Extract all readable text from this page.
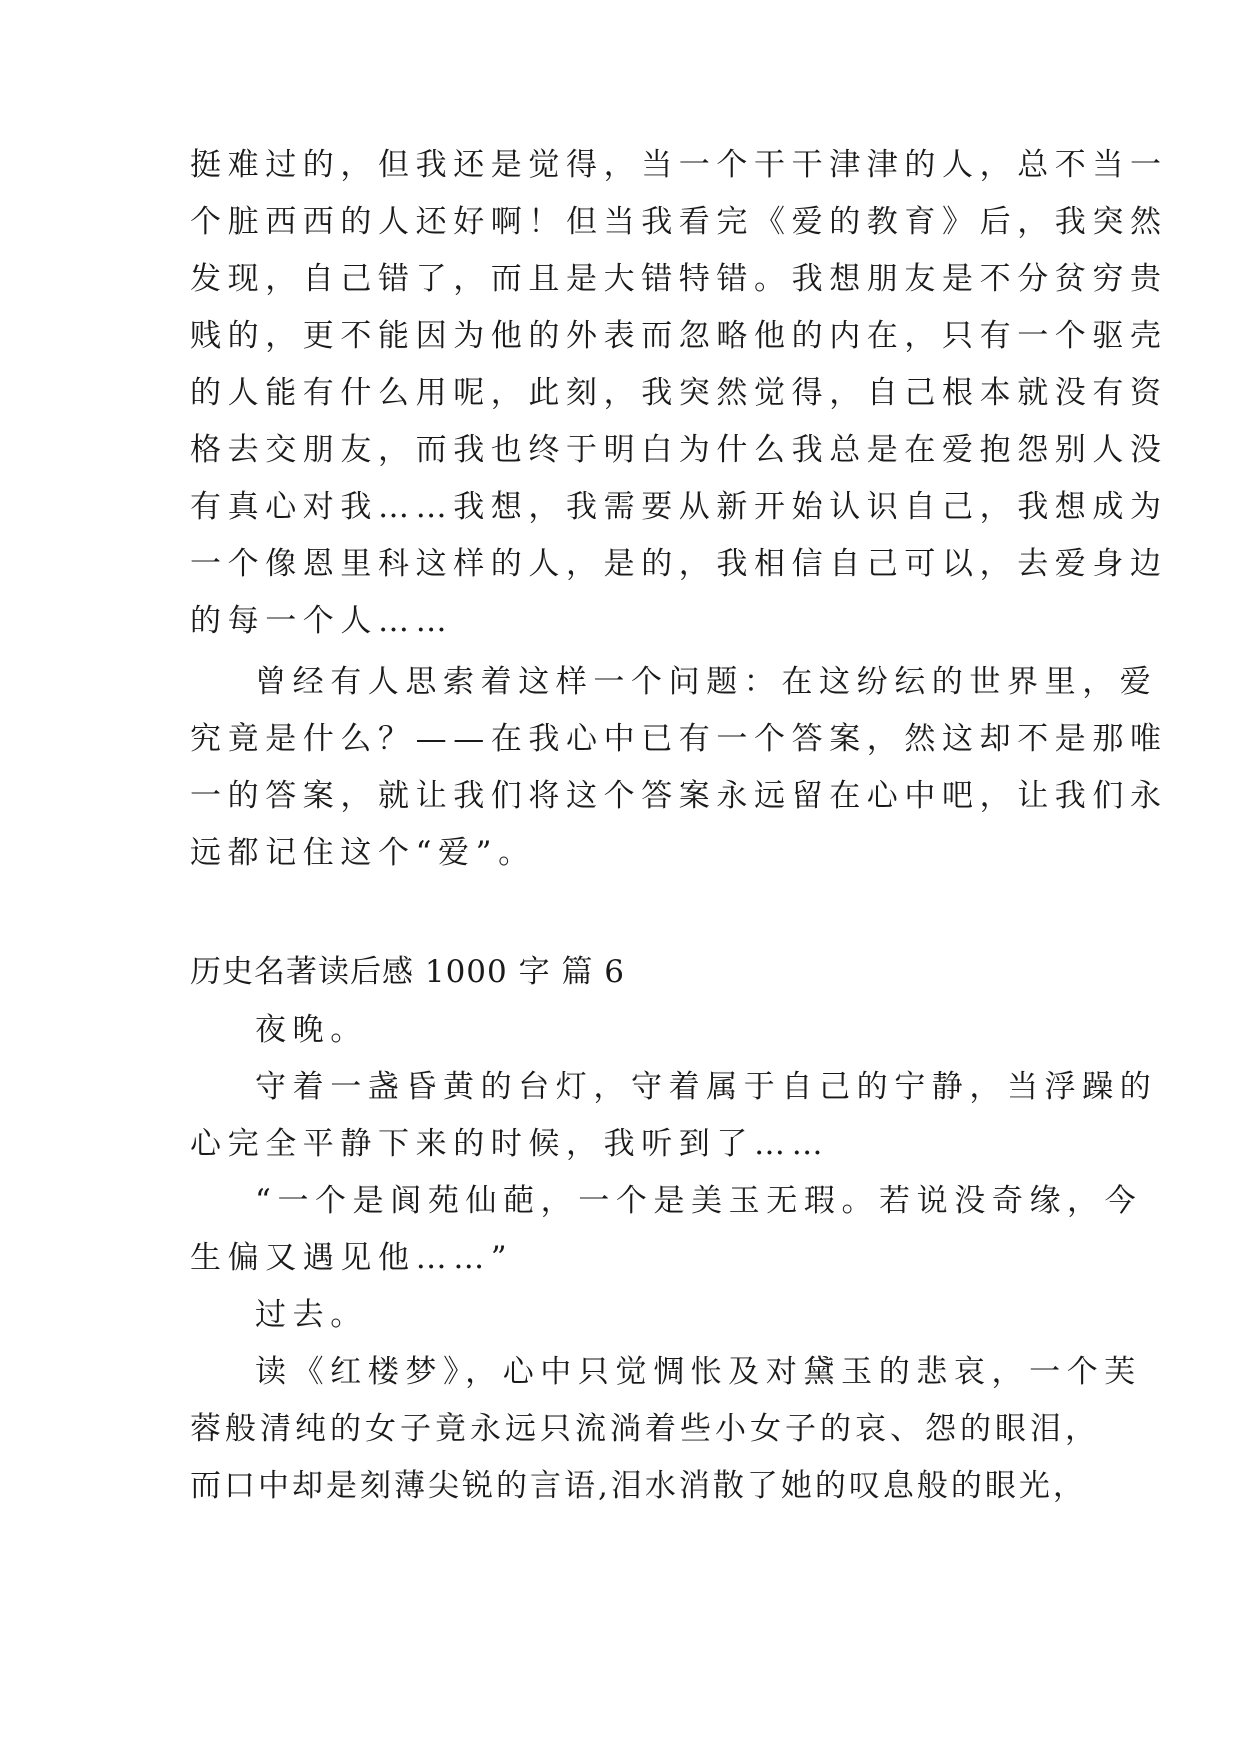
挺难过的，但我还是觉得，当一个干干津津的人，总不当一
个脏西西的人还好啊！但当我看完《爱的教育》后，我突然
发现，自己错了，而且是大错特错。我想朋友是不分贫穷贵
贱的，更不能因为他的外表而忽略他的内在，只有一个驱壳
的人能有什么用呢，此刻，我突然觉得，自己根本就没有资
格去交朋友，而我也终于明白为什么我总是在爱抱怨别人没
有真心对我……我想，我需要从新开始认识自己，我想成为
一个像恩里科这样的人，是的，我相信自己可以，去爱身边
的每一个人……
曾经有人思索着这样一个问题：在这纷纭的世界里，爱
究竟是什么？——在我心中已有一个答案，然这却不是那唯
一的答案，就让我们将这个答案永远留在心中吧，让我们永
远都记住这个“爱”。
历史名著读后感 1000 字 篇 6
夜晚。
守着一盏昏黄的台灯，守着属于自己的宁静，当浮躁的
心完全平静下来的时候，我听到了……
“一个是阆苑仙葩，一个是美玉无瑕。若说没奇缘，今
生偏又遇见他……”
过去。
读《红楼梦》，心中只觉惆怅及对黛玉的悲哀，一个芙
蓉般清纯的女子竟永远只流淌着些小女子的哀、怨的眼泪，
而口中却是刻薄尖锐的言语,泪水消散了她的叹息般的眼光，
